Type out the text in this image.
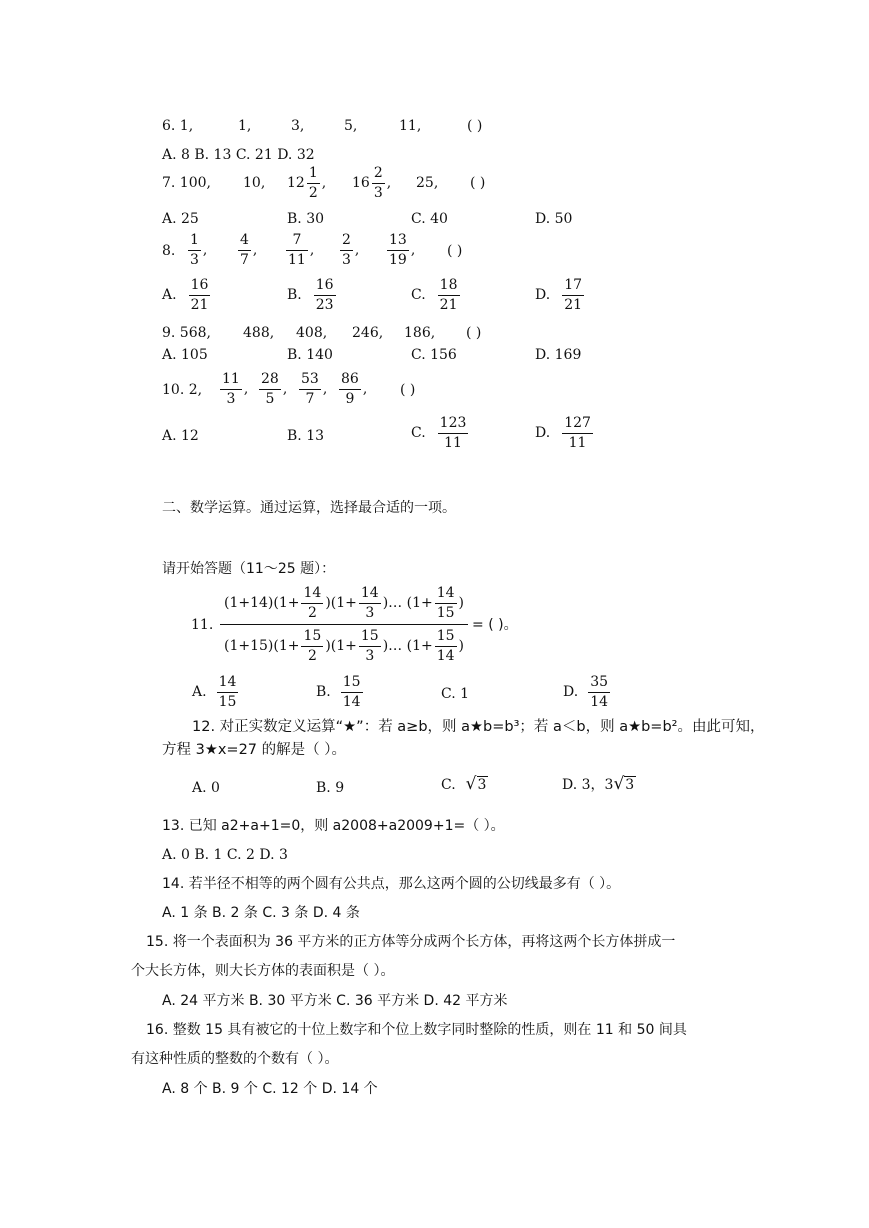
6. 1,	1,	3,	5,	11,	( )
A. 8 B. 13 C. 21 D. 32
7. 100, 10, $12 \frac{1}{2}$ , $16 \frac{2}{3}$ , 25, ( )
A. 25	B. 30	C. 40	D. 50
8. $\frac{1}{3}$ , $\frac{4}{7}$ , $\frac{7}{11}$ , $\frac{2}{3}$ , $\frac{13}{19}$ , ( )
A. $\frac{16}{21}$	B. $\frac{16}{23}$	C. $\frac{18}{21}$	D. $\frac{17}{21}$
9. 568, 488, 408, 246, 186, ( )
A. 105	B. 140	C. 156	D. 169
10. 2, $\frac{11}{3}$ , $\frac{28}{5}$ , $\frac{53}{7}$ , $\frac{86}{9}$ , ( )
A. 12	B. 13	C. $\frac{123}{11}$	D. $\frac{127}{11}$
二、数学运算。通过运算，选择最合适的一项。
请开始答题（11～25 题）：
11. $\frac{(1+14)(1+ \frac{14}{2} )(1+ \frac{14}{3} )\dots (1+ \frac{14}{15} )}{(1+15)(1+ \frac{15}{2} )(1+ \frac{15}{3} )\dots (1+ \frac{15}{14} )}$ = ( )。
A. $\frac{14}{15}$	B. $\frac{15}{14}$	C. 1	D. $\frac{35}{14}$
12. 对正实数定义运算“★”：若 a≥b，则 a★b=b³；若 a＜b，则 a★b=b²。由此可知，
方程 3★x=27 的解是（ ）。
A. 0	B. 9	C. √ 3	D. 3，3 √ 3
13. 已知 a2+a+1=0，则 a2008+a2009+1=（ ）。
A. 0 B. 1 C. 2 D. 3
14. 若半径不相等的两个圆有公共点，那么这两个圆的公切线最多有（ ）。
A. 1 条 B. 2 条 C. 3 条 D. 4 条
15. 将一个表面积为 36 平方米的正方体等分成两个长方体，再将这两个长方体拼成一
个大长方体，则大长方体的表面积是（ ）。
A. 24 平方米 B. 30 平方米 C. 36 平方米 D. 42 平方米
16. 整数 15 具有被它的十位上数字和个位上数字同时整除的性质，则在 11 和 50 间具
有这种性质的整数的个数有（ ）。
A. 8 个 B. 9 个 C. 12 个 D. 14 个
